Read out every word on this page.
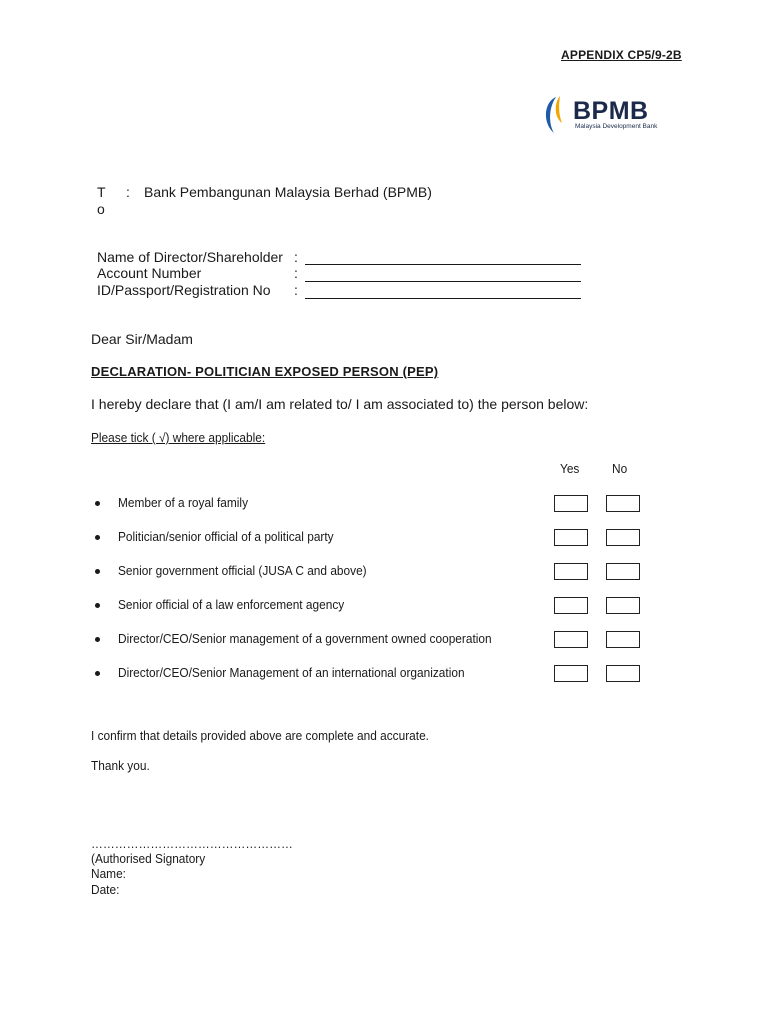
APPENDIX CP5/9-2B
BPMB
Malaysia Development Bank
T
o
: Bank Pembangunan Malaysia Berhad (BPMB)
Name of Director/Shareholder :
Account Number	:
ID/Passport/Registration No :
Dear Sir/Madam
DECLARATION- POLITICIAN EXPOSED PERSON (PEP)
I hereby declare that (I am/I am related to/ I am associated to) the person below:
Please tick ( √) where applicable:
Yes	No
Member of a royal family
Politician/senior official of a political party
Senior government official (JUSA C and above)
Senior official of a law enforcement agency
Director/CEO/Senior management of a government owned cooperation
Director/CEO/Senior Management of an international organization
I confirm that details provided above are complete and accurate.
Thank you.
……………………………………………
(Authorised Signatory
Name:
Date:
